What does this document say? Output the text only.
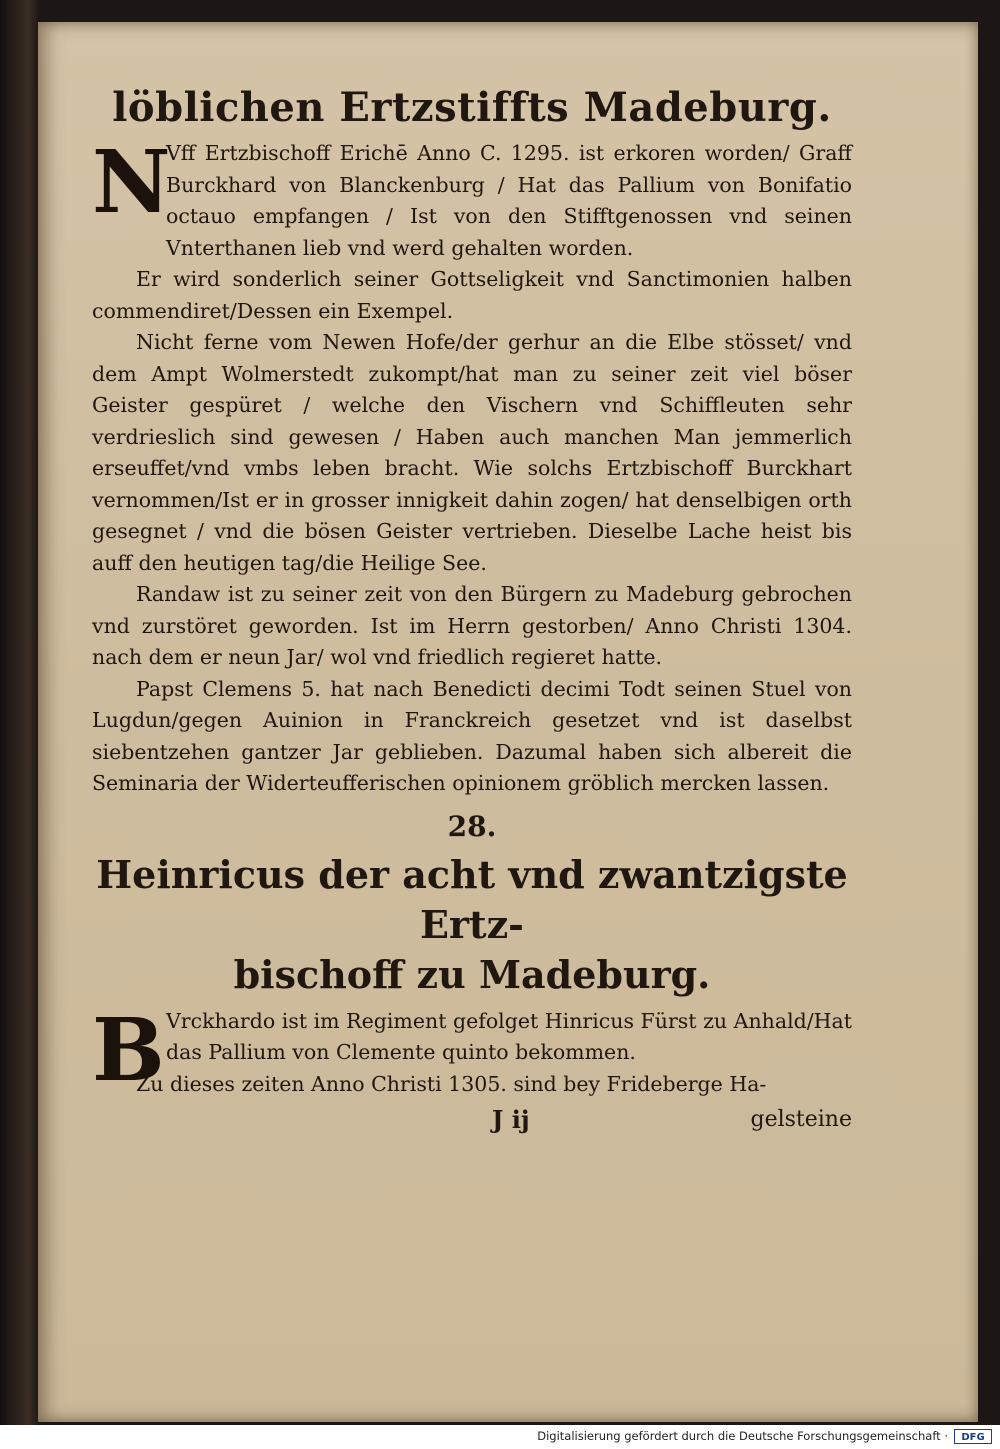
löblichen Ertzstiffts Madeburg.
N

Vff Ertzbischoff Erichē Anno C. 1295. ist erkoren worden/ Graff Burckhard von Blanckenburg / Hat das Pallium von Bonifatio octauo empfangen / Ist von den Stifftgenossen vnd seinen Vnterthanen lieb vnd werd gehalten worden.

Er wird sonderlich seiner Gottseligkeit vnd Sanctimonien halben commendiret/Dessen ein Exempel.

Nicht ferne vom Newen Hofe/der gerhur an die Elbe stösset/ vnd dem Ampt Wolmerstedt zukompt/hat man zu seiner zeit viel böser Geister gespüret / welche den Vischern vnd Schiffleuten sehr verdrieslich sind gewesen / Haben auch manchen Man jemmerlich erseuffet/vnd vmbs leben bracht. Wie solchs Ertzbischoff Burckhart vernommen/Ist er in grosser innigkeit dahin zogen/ hat denselbigen orth gesegnet / vnd die bösen Geister vertrieben. Dieselbe Lache heist bis auff den heutigen tag/die Heilige See.

Randaw ist zu seiner zeit von den Bürgern zu Madeburg gebrochen vnd zurstöret geworden. Ist im Herrn gestorben/ Anno Christi 1304. nach dem er neun Jar/ wol vnd friedlich regieret hatte.

Papst Clemens 5. hat nach Benedicti decimi Todt seinen Stuel von Lugdun/gegen Auinion in Franckreich gesetzet vnd ist daselbst siebentzehen gantzer Jar geblieben. Dazumal haben sich albereit die Seminaria der Widerteufferischen opinionem gröblich mercken lassen.

28.
Heinricus der acht vnd zwantzigste Ertz-
bischoff zu Madeburg.
B Vrckhardo ist im Regiment gefolget Hinricus Fürst zu Anhald/Hat das Pallium von Clemente quinto bekommen.

Zu dieses zeiten Anno Christi 1305. sind bey Frideberge Ha-

J ij	gelsteine
Digitalisierung gefördert durch die Deutsche Forschungsgemeinschaft ·	DFG
